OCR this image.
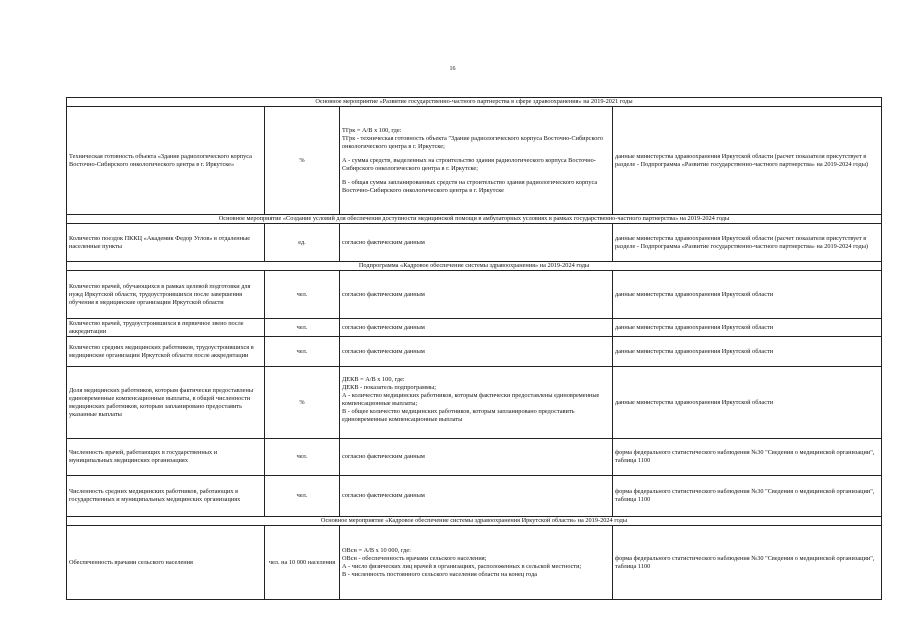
16
Основное мероприятие «Развитие государственно-частного партнерства в сфере здравоохранения» на 2019-2021 годы			
Техническая готовность объекта «Здание радиологического корпуса Восточно-Сибирского онкологического центра в г. Иркутске»	%	ТГрк = А/В х 100, где:
ТГрк - техническая готовность объекта "Здание радиологического корпуса Восточно-Сибирского онкологического центра в г. Иркутске;
А - сумма средств, выделенных на строительство здания радиологического корпуса Восточно-Сибирского онкологического центра в г. Иркутске;
В - общая сумма запланированных средств на строительство здания радиологического корпуса Восточно-Сибирского онкологического центра в г. Иркутске	данные министерства здравоохранения Иркутской области (расчет показателя присутствует в разделе - Подпрограмма «Развитие государственно-частного партнерства» на 2019-2024 годы)
Основное мероприятие «Создание условий для обеспечения доступности медицинской помощи в амбулаторных условиях в рамках государственно-частного партнерства» на 2019-2024 годы			
Количество поездок ПККЦ «Академик Федор Углов» в отдаленные населенные пункты	ед.	согласно фактическим данным	данные министерства здравоохранения Иркутской области (расчет показателя присутствует в разделе - Подпрограмма «Развитие государственно-частного партнерства» на 2019-2024 годы)
Подпрограмма «Кадровое обеспечение системы здравоохранения» на 2019-2024 годы			
Количество врачей, обучающихся в рамках целевой подготовки для нужд Иркутской области, трудоустроившихся после завершения обучения в медицинские организации Иркутской области	чел.	согласно фактическим данным	данные министерства здравоохранения Иркутской области
Количество врачей, трудоустроившихся в первичное звено после аккредитации	чел.	согласно фактическим данным	данные министерства здравоохранения Иркутской области
Количество средних медицинских работников, трудоустроившихся в медицинские организации Иркутской области после аккредитации	чел.	согласно фактическим данным	данные министерства здравоохранения Иркутской области
Доля медицинских работников, которым фактически предоставлены единовременные компенсационные выплаты, в общей численности медицинских работников, которым запланировано предоставить указанные выплаты	%	ДЕКВ = А/В х 100, где:
ДЕКВ - показатель подпрограммы;
А - количество медицинских работников, которым фактически предоставлены единовременные компенсационные выплаты;
В - общее количество медицинских работников, которым запланировано предоставить единовременные компенсационные выплаты	данные министерства здравоохранения Иркутской области
Численность врачей, работающих в государственных и муниципальных медицинских организациях	чел.	согласно фактическим данным	форма федерального статистического наблюдения №30 "Сведения о медицинской организации", таблица 1100
Численность средних медицинских работников, работающих в государственных и муниципальных медицинских организациях	чел.	согласно фактическим данным	форма федерального статистического наблюдения №30 "Сведения о медицинской организации", таблица 1100
Основное мероприятие «Кадровое обеспечение системы здравоохранения Иркутской области» на 2019-2024 годы			
Обеспеченность врачами сельского населения	чел. на 10 000 населения	ОВсн = А/В х 10 000, где:
ОВсн - обеспеченность врачами сельского населения;
А - число физических лиц врачей в организациях, расположенных в сельской местности;
В - численность постоянного сельского населения области на конец года	форма федерального статистического наблюдения №30 "Сведения о медицинской организации", таблица 1100
